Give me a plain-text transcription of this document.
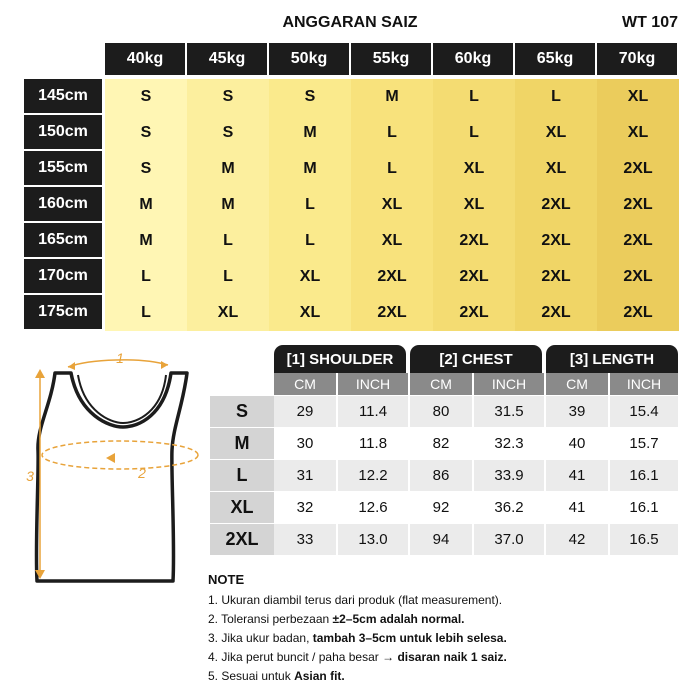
ANGGARAN SAIZ	WT 107
40kg	45kg	50kg	55kg	60kg	65kg	70kg
145cm	S	S	S	M	L	L	XL
150cm	S	S	M	L	L	XL	XL
155cm	S	M	M	L	XL	XL	2XL
160cm	M	M	L	XL	XL	2XL	2XL
165cm	M	L	L	XL	2XL	2XL	2XL
170cm	L	L	XL	2XL	2XL	2XL	2XL
175cm	L	XL	XL	2XL	2XL	2XL	2XL
1
2
3
[1] SHOULDER	[2] CHEST	[3] LENGTH
CM	INCH	CM	INCH	CM	INCH
S	29	11.4	80	31.5	39	15.4
M	30	11.8	82	32.3	40	15.7
L	31	12.2	86	33.9	41	16.1
XL	32	12.6	92	36.2	41	16.1
2XL	33	13.0	94	37.0	42	16.5
NOTE
1. Ukuran diambil terus dari produk (flat measurement).
2. Toleransi perbezaan ±2–5cm adalah normal.
3. Jika ukur badan, tambah 3–5cm untuk lebih selesa.
4. Jika perut buncit / paha besar → disaran naik 1 saiz.
5. Sesuai untuk Asian fit.
